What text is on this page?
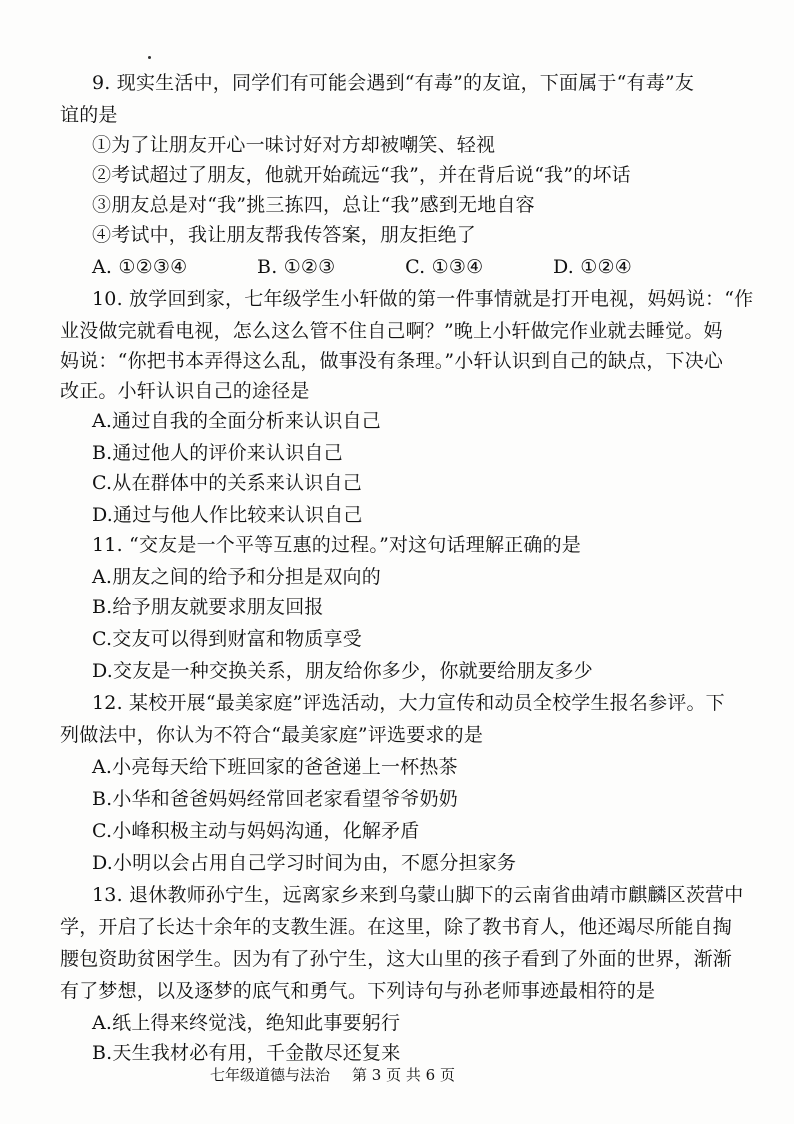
9. 现实生活中，同学们有可能会遇到“有毒”的友谊，下面属于“有毒”友
谊的是
①为了让朋友开心一味讨好对方却被嘲笑、轻视
②考试超过了朋友，他就开始疏远“我”，并在背后说“我”的坏话
③朋友总是对“我”挑三拣四，总让“我”感到无地自容
④考试中，我让朋友帮我传答案，朋友拒绝了
A. ①②③④	B. ①②③	C. ①③④	D. ①②④
10. 放学回到家，七年级学生小轩做的第一件事情就是打开电视，妈妈说：“作
业没做完就看电视，怎么这么管不住自己啊？”晚上小轩做完作业就去睡觉。妈
妈说：“你把书本弄得这么乱，做事没有条理。”小轩认识到自己的缺点，下决心
改正。小轩认识自己的途径是
A.通过自我的全面分析来认识自己
B.通过他人的评价来认识自己
C.从在群体中的关系来认识自己
D.通过与他人作比较来认识自己
11. “交友是一个平等互惠的过程。”对这句话理解正确的是
A.朋友之间的给予和分担是双向的
B.给予朋友就要求朋友回报
C.交友可以得到财富和物质享受
D.交友是一种交换关系，朋友给你多少，你就要给朋友多少
12. 某校开展“最美家庭”评选活动，大力宣传和动员全校学生报名参评。下
列做法中，你认为不符合“最美家庭”评选要求的是
A.小亮每天给下班回家的爸爸递上一杯热茶
B.小华和爸爸妈妈经常回老家看望爷爷奶奶
C.小峰积极主动与妈妈沟通，化解矛盾
D.小明以会占用自己学习时间为由，不愿分担家务
13. 退休教师孙宁生，远离家乡来到乌蒙山脚下的云南省曲靖市麒麟区茨营中
学，开启了长达十余年的支教生涯。在这里，除了教书育人，他还竭尽所能自掏
腰包资助贫困学生。因为有了孙宁生，这大山里的孩子看到了外面的世界，渐渐
有了梦想，以及逐梦的底气和勇气。下列诗句与孙老师事迹最相符的是
A.纸上得来终觉浅，绝知此事要躬行
B.天生我材必有用，千金散尽还复来
七年级道德与法治 第 3 页 共 6 页
